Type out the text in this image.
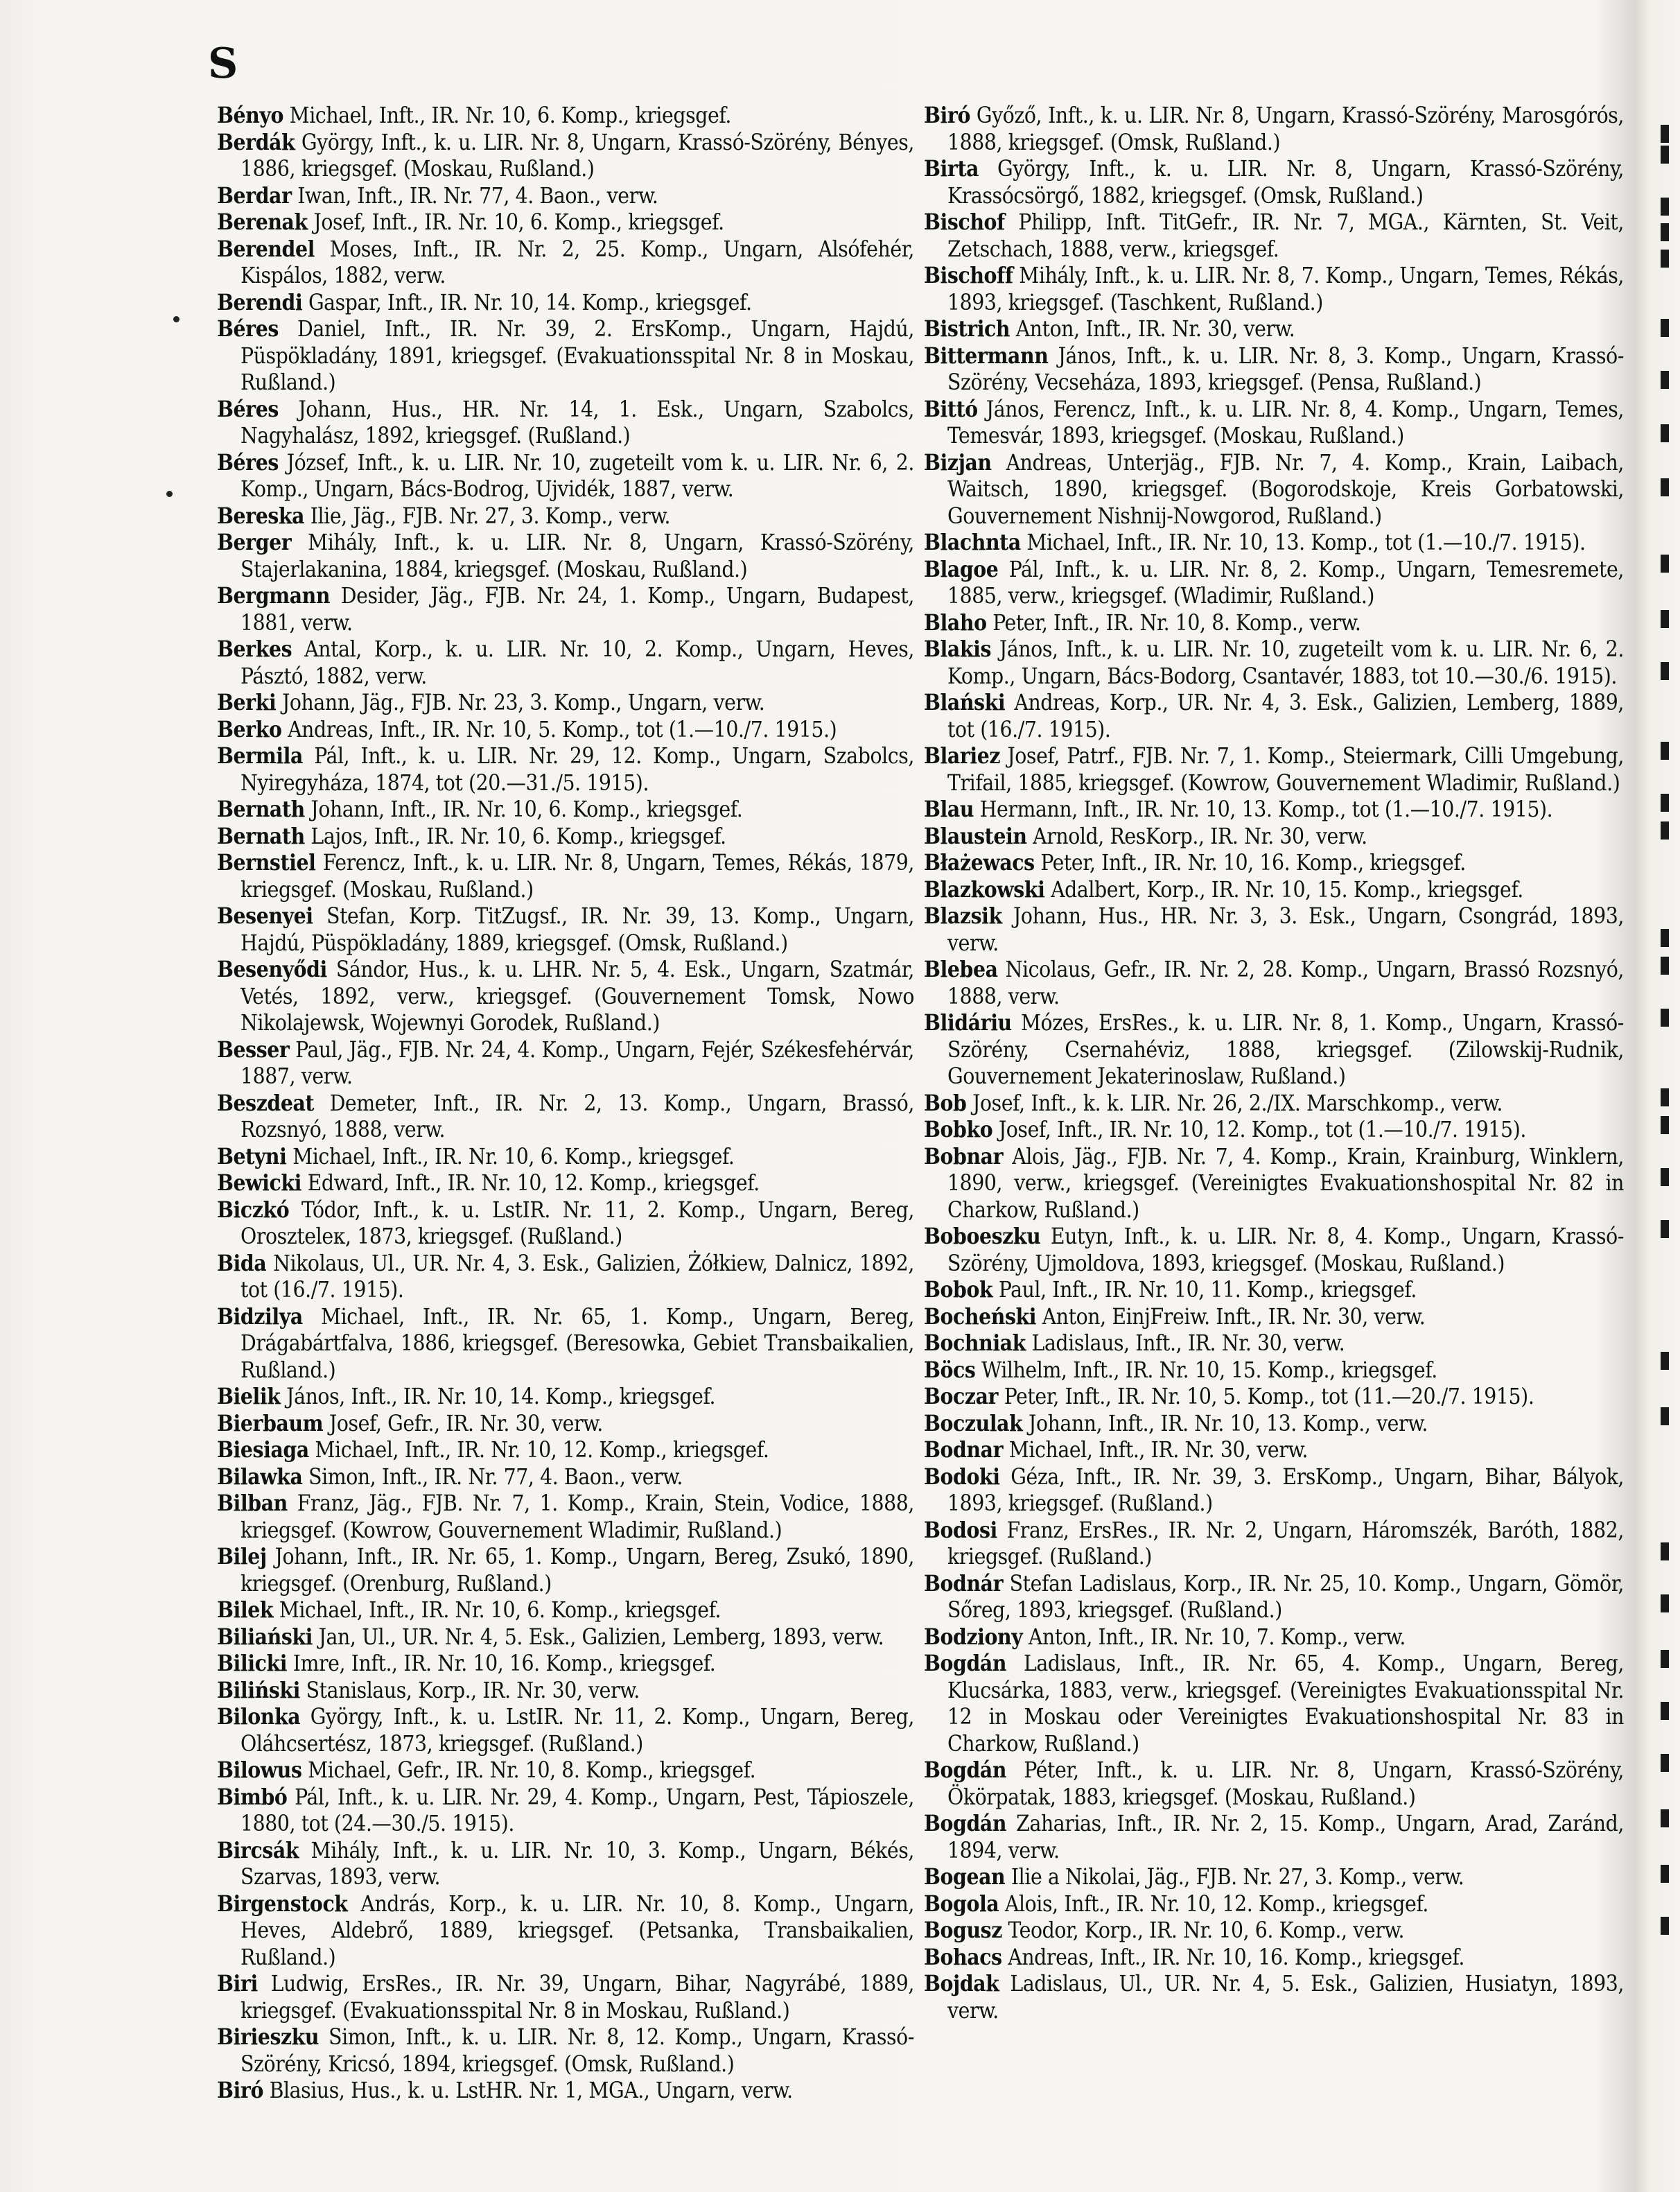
S
Bényo Michael, Inft., IR. Nr. 10, 6. Komp., kriegsgef.
Berdák György, Inft., k. u. LIR. Nr. 8, Ungarn, Krassó-Szörény, Bényes, 1886, kriegsgef. (Moskau, Rußland.)
Berdar Iwan, Inft., IR. Nr. 77, 4. Baon., verw.
Berenak Josef, Inft., IR. Nr. 10, 6. Komp., kriegsgef.
Berendel Moses, Inft., IR. Nr. 2, 25. Komp., Ungarn, Alsófehér, Kispálos, 1882, verw.
Berendi Gaspar, Inft., IR. Nr. 10, 14. Komp., kriegsgef.
Béres Daniel, Inft., IR. Nr. 39, 2. ErsKomp., Ungarn, Hajdú, Püspökladány, 1891, kriegsgef. (Evakuationsspital Nr. 8 in Moskau, Rußland.)
Béres Johann, Hus., HR. Nr. 14, 1. Esk., Ungarn, Szabolcs, Nagyhalász, 1892, kriegsgef. (Rußland.)
Béres József, Inft., k. u. LIR. Nr. 10, zugeteilt vom k. u. LIR. Nr. 6, 2. Komp., Ungarn, Bács-Bodrog, Ujvidék, 1887, verw.
Bereska Ilie, Jäg., FJB. Nr. 27, 3. Komp., verw.
Berger Mihály, Inft., k. u. LIR. Nr. 8, Ungarn, Krassó-Szörény, Stajerlakanina, 1884, kriegsgef. (Moskau, Rußland.)
Bergmann Desider, Jäg., FJB. Nr. 24, 1. Komp., Ungarn, Budapest, 1881, verw.
Berkes Antal, Korp., k. u. LIR. Nr. 10, 2. Komp., Ungarn, Heves, Pásztó, 1882, verw.
Berki Johann, Jäg., FJB. Nr. 23, 3. Komp., Ungarn, verw.
Berko Andreas, Inft., IR. Nr. 10, 5. Komp., tot (1.—10./7. 1915.)
Bermila Pál, Inft., k. u. LIR. Nr. 29, 12. Komp., Ungarn, Szabolcs, Nyiregyháza, 1874, tot (20.—31./5. 1915).
Bernath Johann, Inft., IR. Nr. 10, 6. Komp., kriegsgef.
Bernath Lajos, Inft., IR. Nr. 10, 6. Komp., kriegsgef.
Bernstiel Ferencz, Inft., k. u. LIR. Nr. 8, Ungarn, Temes, Rékás, 1879, kriegsgef. (Moskau, Rußland.)
Besenyei Stefan, Korp. TitZugsf., IR. Nr. 39, 13. Komp., Ungarn, Hajdú, Püspökladány, 1889, kriegsgef. (Omsk, Rußland.)
Besenyődi Sándor, Hus., k. u. LHR. Nr. 5, 4. Esk., Ungarn, Szatmár, Vetés, 1892, verw., kriegsgef. (Gouvernement Tomsk, Nowo Nikolajewsk, Wojewnyi Gorodek, Rußland.)
Besser Paul, Jäg., FJB. Nr. 24, 4. Komp., Ungarn, Fejér, Székesfehérvár, 1887, verw.
Beszdeat Demeter, Inft., IR. Nr. 2, 13. Komp., Ungarn, Brassó, Rozsnyó, 1888, verw.
Betyni Michael, Inft., IR. Nr. 10, 6. Komp., kriegsgef.
Bewicki Edward, Inft., IR. Nr. 10, 12. Komp., kriegsgef.
Biczkó Tódor, Inft., k. u. LstIR. Nr. 11, 2. Komp., Ungarn, Bereg, Oroszteleк, 1873, kriegsgef. (Rußland.)
Bida Nikolaus, Ul., UR. Nr. 4, 3. Esk., Galizien, Żółkiew, Dalnicz, 1892, tot (16./7. 1915).
Bidzilya Michael, Inft., IR. Nr. 65, 1. Komp., Ungarn, Bereg, Drágabártfalva, 1886, kriegsgef. (Beresowka, Gebiet Transbaikalien, Rußland.)
Bielik János, Inft., IR. Nr. 10, 14. Komp., kriegsgef.
Bierbaum Josef, Gefr., IR. Nr. 30, verw.
Biesiaga Michael, Inft., IR. Nr. 10, 12. Komp., kriegsgef.
Bilawka Simon, Inft., IR. Nr. 77, 4. Baon., verw.
Bilban Franz, Jäg., FJB. Nr. 7, 1. Komp., Krain, Stein, Vodice, 1888, kriegsgef. (Kowrow, Gouvernement Wladimir, Rußland.)
Bilej Johann, Inft., IR. Nr. 65, 1. Komp., Ungarn, Bereg, Zsukó, 1890, kriegsgef. (Orenburg, Rußland.)
Bilek Michael, Inft., IR. Nr. 10, 6. Komp., kriegsgef.
Biliański Jan, Ul., UR. Nr. 4, 5. Esk., Galizien, Lemberg, 1893, verw.
Bilicki Imre, Inft., IR. Nr. 10, 16. Komp., kriegsgef.
Biliński Stanislaus, Korp., IR. Nr. 30, verw.
Bilonka György, Inft., k. u. LstIR. Nr. 11, 2. Komp., Ungarn, Bereg, Oláhcsertész, 1873, kriegsgef. (Rußland.)
Bilowus Michael, Gefr., IR. Nr. 10, 8. Komp., kriegsgef.
Bimbó Pál, Inft., k. u. LIR. Nr. 29, 4. Komp., Ungarn, Pest, Tápioszele, 1880, tot (24.—30./5. 1915).
Bircsák Mihály, Inft., k. u. LIR. Nr. 10, 3. Komp., Ungarn, Békés, Szarvas, 1893, verw.
Birgenstock András, Korp., k. u. LIR. Nr. 10, 8. Komp., Ungarn, Heves, Aldebrő, 1889, kriegsgef. (Petsanka, Transbaikalien, Rußland.)
Biri Ludwig, ErsRes., IR. Nr. 39, Ungarn, Bihar, Nagyrábé, 1889, kriegsgef. (Evakuationsspital Nr. 8 in Moskau, Rußland.)
Birieszku Simon, Inft., k. u. LIR. Nr. 8, 12. Komp., Ungarn, Krassó-Szörény, Kricsó, 1894, kriegsgef. (Omsk, Rußland.)
Biró Blasius, Hus., k. u. LstHR. Nr. 1, MGA., Ungarn, verw.
Biró Győző, Inft., k. u. LIR. Nr. 8, Ungarn, Krassó-Szörény, Marosgórós, 1888, kriegsgef. (Omsk, Rußland.)
Birta György, Inft., k. u. LIR. Nr. 8, Ungarn, Krassó-Szörény, Krassócsörgő, 1882, kriegsgef. (Omsk, Rußland.)
Bischof Philipp, Inft. TitGefr., IR. Nr. 7, MGA., Kärnten, St. Veit, Zetschach, 1888, verw., kriegsgef.
Bischoff Mihály, Inft., k. u. LIR. Nr. 8, 7. Komp., Ungarn, Temes, Rékás, 1893, kriegsgef. (Taschkent, Rußland.)
Bistrich Anton, Inft., IR. Nr. 30, verw.
Bittermann János, Inft., k. u. LIR. Nr. 8, 3. Komp., Ungarn, Krassó-Szörény, Vecseháza, 1893, kriegsgef. (Pensa, Rußland.)
Bittó János, Ferencz, Inft., k. u. LIR. Nr. 8, 4. Komp., Ungarn, Temes, Temesvár, 1893, kriegsgef. (Moskau, Rußland.)
Bizjan Andreas, Unterjäg., FJB. Nr. 7, 4. Komp., Krain, Laibach, Waitsch, 1890, kriegsgef. (Bogorodskoje, Kreis Gorbatowski, Gouvernement Nishnij-Nowgorod, Rußland.)
Blachnta Michael, Inft., IR. Nr. 10, 13. Komp., tot (1.—10./7. 1915).
Blagoe Pál, Inft., k. u. LIR. Nr. 8, 2. Komp., Ungarn, Temesremete, 1885, verw., kriegsgef. (Wladimir, Rußland.)
Blaho Peter, Inft., IR. Nr. 10, 8. Komp., verw.
Blakis János, Inft., k. u. LIR. Nr. 10, zugeteilt vom k. u. LIR. Nr. 6, 2. Komp., Ungarn, Bács-Bodorg, Csantavér, 1883, tot 10.—30./6. 1915).
Blański Andreas, Korp., UR. Nr. 4, 3. Esk., Galizien, Lemberg, 1889, tot (16./7. 1915).
Blariez Josef, Patrf., FJB. Nr. 7, 1. Komp., Steiermark, Cilli Umgebung, Trifail, 1885, kriegsgef. (Kowrow, Gouvernement Wladimir, Rußland.)
Blau Hermann, Inft., IR. Nr. 10, 13. Komp., tot (1.—10./7. 1915).
Blaustein Arnold, ResKorp., IR. Nr. 30, verw.
Błażewacs Peter, Inft., IR. Nr. 10, 16. Komp., kriegsgef.
Blazkowski Adalbert, Korp., IR. Nr. 10, 15. Komp., kriegsgef.
Blazsik Johann, Hus., HR. Nr. 3, 3. Esk., Ungarn, Csongrád, 1893, verw.
Blebea Nicolaus, Gefr., IR. Nr. 2, 28. Komp., Ungarn, Brassó Rozsnyó, 1888, verw.
Blidáriu Mózes, ErsRes., k. u. LIR. Nr. 8, 1. Komp., Ungarn, Krassó-Szörény, Csernahéviz, 1888, kriegsgef. (Zilowskij-Rudnik, Gouvernement Jekaterinoslaw, Rußland.)
Bob Josef, Inft., k. k. LIR. Nr. 26, 2./IX. Marschkomp., verw.
Bobko Josef, Inft., IR. Nr. 10, 12. Komp., tot (1.—10./7. 1915).
Bobnar Alois, Jäg., FJB. Nr. 7, 4. Komp., Krain, Krainburg, Winklern, 1890, verw., kriegsgef. (Vereinigtes Evakuationshospital Nr. 82 in Charkow, Rußland.)
Boboeszku Eutyn, Inft., k. u. LIR. Nr. 8, 4. Komp., Ungarn, Krassó-Szörény, Ujmoldova, 1893, kriegsgef. (Moskau, Rußland.)
Bobok Paul, Inft., IR. Nr. 10, 11. Komp., kriegsgef.
Bocheński Anton, EinjFreiw. Inft., IR. Nr. 30, verw.
Bochniak Ladislaus, Inft., IR. Nr. 30, verw.
Böcs Wilhelm, Inft., IR. Nr. 10, 15. Komp., kriegsgef.
Boczar Peter, Inft., IR. Nr. 10, 5. Komp., tot (11.—20./7. 1915).
Boczulak Johann, Inft., IR. Nr. 10, 13. Komp., verw.
Bodnar Michael, Inft., IR. Nr. 30, verw.
Bodoki Géza, Inft., IR. Nr. 39, 3. ErsKomp., Ungarn, Bihar, Bályok, 1893, kriegsgef. (Rußland.)
Bodosi Franz, ErsRes., IR. Nr. 2, Ungarn, Háromszék, Baróth, 1882, kriegsgef. (Rußland.)
Bodnár Stefan Ladislaus, Korp., IR. Nr. 25, 10. Komp., Ungarn, Gömör, Sőreg, 1893, kriegsgef. (Rußland.)
Bodziony Anton, Inft., IR. Nr. 10, 7. Komp., verw.
Bogdán Ladislaus, Inft., IR. Nr. 65, 4. Komp., Ungarn, Bereg, Klucsárka, 1883, verw., kriegsgef. (Vereinigtes Evakuationsspital Nr. 12 in Moskau oder Vereinigtes Evakuationshospital Nr. 83 in Charkow, Rußland.)
Bogdán Péter, Inft., k. u. LIR. Nr. 8, Ungarn, Krassó-Szörény, Ökörpatak, 1883, kriegsgef. (Moskau, Rußland.)
Bogdán Zaharias, Inft., IR. Nr. 2, 15. Komp., Ungarn, Arad, Zaránd, 1894, verw.
Bogean Ilie a Nikolai, Jäg., FJB. Nr. 27, 3. Komp., verw.
Bogola Alois, Inft., IR. Nr. 10, 12. Komp., kriegsgef.
Bogusz Teodor, Korp., IR. Nr. 10, 6. Komp., verw.
Bohacs Andreas, Inft., IR. Nr. 10, 16. Komp., kriegsgef.
Bojdak Ladislaus, Ul., UR. Nr. 4, 5. Esk., Galizien, Husiatyn, 1893, verw.
